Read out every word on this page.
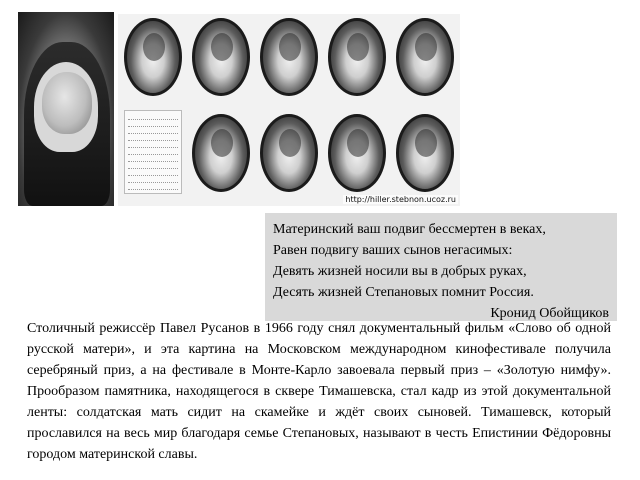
http://hiller.stebnon.ucoz.ru
Материнский ваш подвиг бессмертен в веках,
Равен подвигу ваших сынов негасимых:
Девять жизней носили вы в добрых руках,
Десять жизней Степановых помнит Россия.
Кронид Обойщиков

Столичный режиссёр Павел Русанов в 1966 году снял документальный фильм «Слово об одной русской матери», и эта картина на Московском международном кинофестивале получила серебряный приз, а на фестивале в Монте-Карло завоевала первый приз – «Золотую нимфу». Прообразом памятника, находящегося в сквере Тимашевска, стал кадр из этой документальной ленты: солдатская мать сидит на скамейке и ждёт своих сыновей. Тимашевск, который прославился на весь мир благодаря семье Степановых, называют в честь Епистинии Фёдоровны городом материнской славы.
